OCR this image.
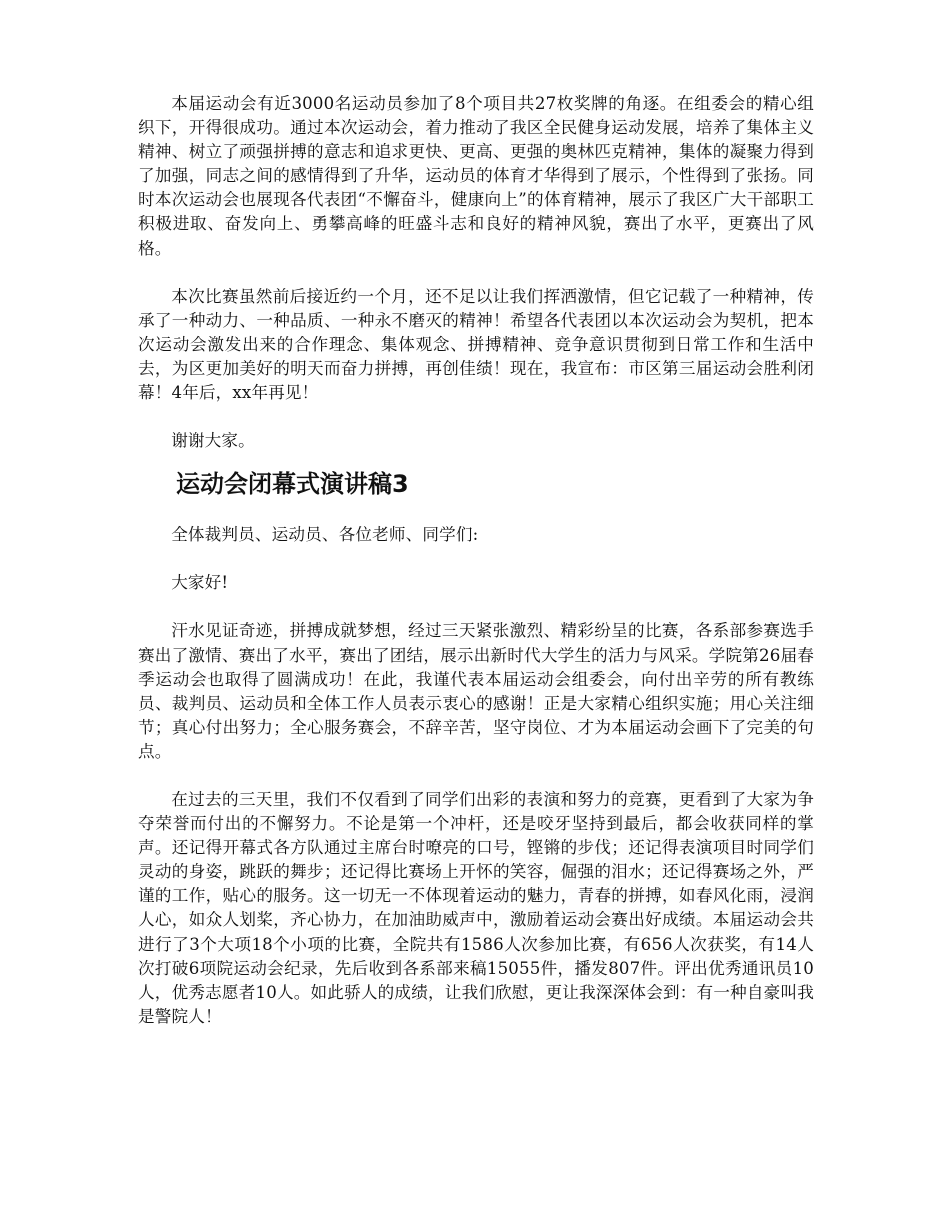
本届运动会有近3000名运动员参加了8个项目共27枚奖牌的角逐。在组委会的精心组织下，开得很成功。通过本次运动会，着力推动了我区全民健身运动发展，培养了集体主义精神、树立了顽强拼搏的意志和追求更快、更高、更强的奥林匹克精神，集体的凝聚力得到了加强，同志之间的感情得到了升华，运动员的体育才华得到了展示，个性得到了张扬。同时本次运动会也展现各代表团“不懈奋斗，健康向上”的体育精神，展示了我区广大干部职工积极进取、奋发向上、勇攀高峰的旺盛斗志和良好的精神风貌，赛出了水平，更赛出了风格。

本次比赛虽然前后接近约一个月，还不足以让我们挥洒激情，但它记载了一种精神，传承了一种动力、一种品质、一种永不磨灭的精神！希望各代表团以本次运动会为契机，把本次运动会激发出来的合作理念、集体观念、拼搏精神、竞争意识贯彻到日常工作和生活中去，为区更加美好的明天而奋力拼搏，再创佳绩！现在，我宣布：市区第三届运动会胜利闭幕！4年后，xx年再见！

谢谢大家。

运动会闭幕式演讲稿3

全体裁判员、运动员、各位老师、同学们:

大家好!

汗水见证奇迹，拼搏成就梦想，经过三天紧张激烈、精彩纷呈的比赛，各系部参赛选手赛出了激情、赛出了水平，赛出了团结，展示出新时代大学生的活力与风采。学院第26届春季运动会也取得了圆满成功！在此，我谨代表本届运动会组委会，向付出辛劳的所有教练员、裁判员、运动员和全体工作人员表示衷心的感谢！正是大家精心组织实施；用心关注细节；真心付出努力；全心服务赛会，不辞辛苦，坚守岗位、才为本届运动会画下了完美的句点。

在过去的三天里，我们不仅看到了同学们出彩的表演和努力的竞赛，更看到了大家为争夺荣誉而付出的不懈努力。不论是第一个冲杆，还是咬牙坚持到最后，都会收获同样的掌声。还记得开幕式各方队通过主席台时嘹亮的口号，铿锵的步伐；还记得表演项目时同学们灵动的身姿，跳跃的舞步；还记得比赛场上开怀的笑容，倔强的泪水；还记得赛场之外，严谨的工作，贴心的服务。这一切无一不体现着运动的魅力，青春的拼搏，如春风化雨，浸润人心，如众人划桨，齐心协力，在加油助威声中，激励着运动会赛出好成绩。本届运动会共进行了3个大项18个小项的比赛，全院共有1586人次参加比赛，有656人次获奖，有14人次打破6项院运动会纪录，先后收到各系部来稿15055件，播发807件。评出优秀通讯员10人，优秀志愿者10人。如此骄人的成绩，让我们欣慰，更让我深深体会到：有一种自豪叫我是警院人！
